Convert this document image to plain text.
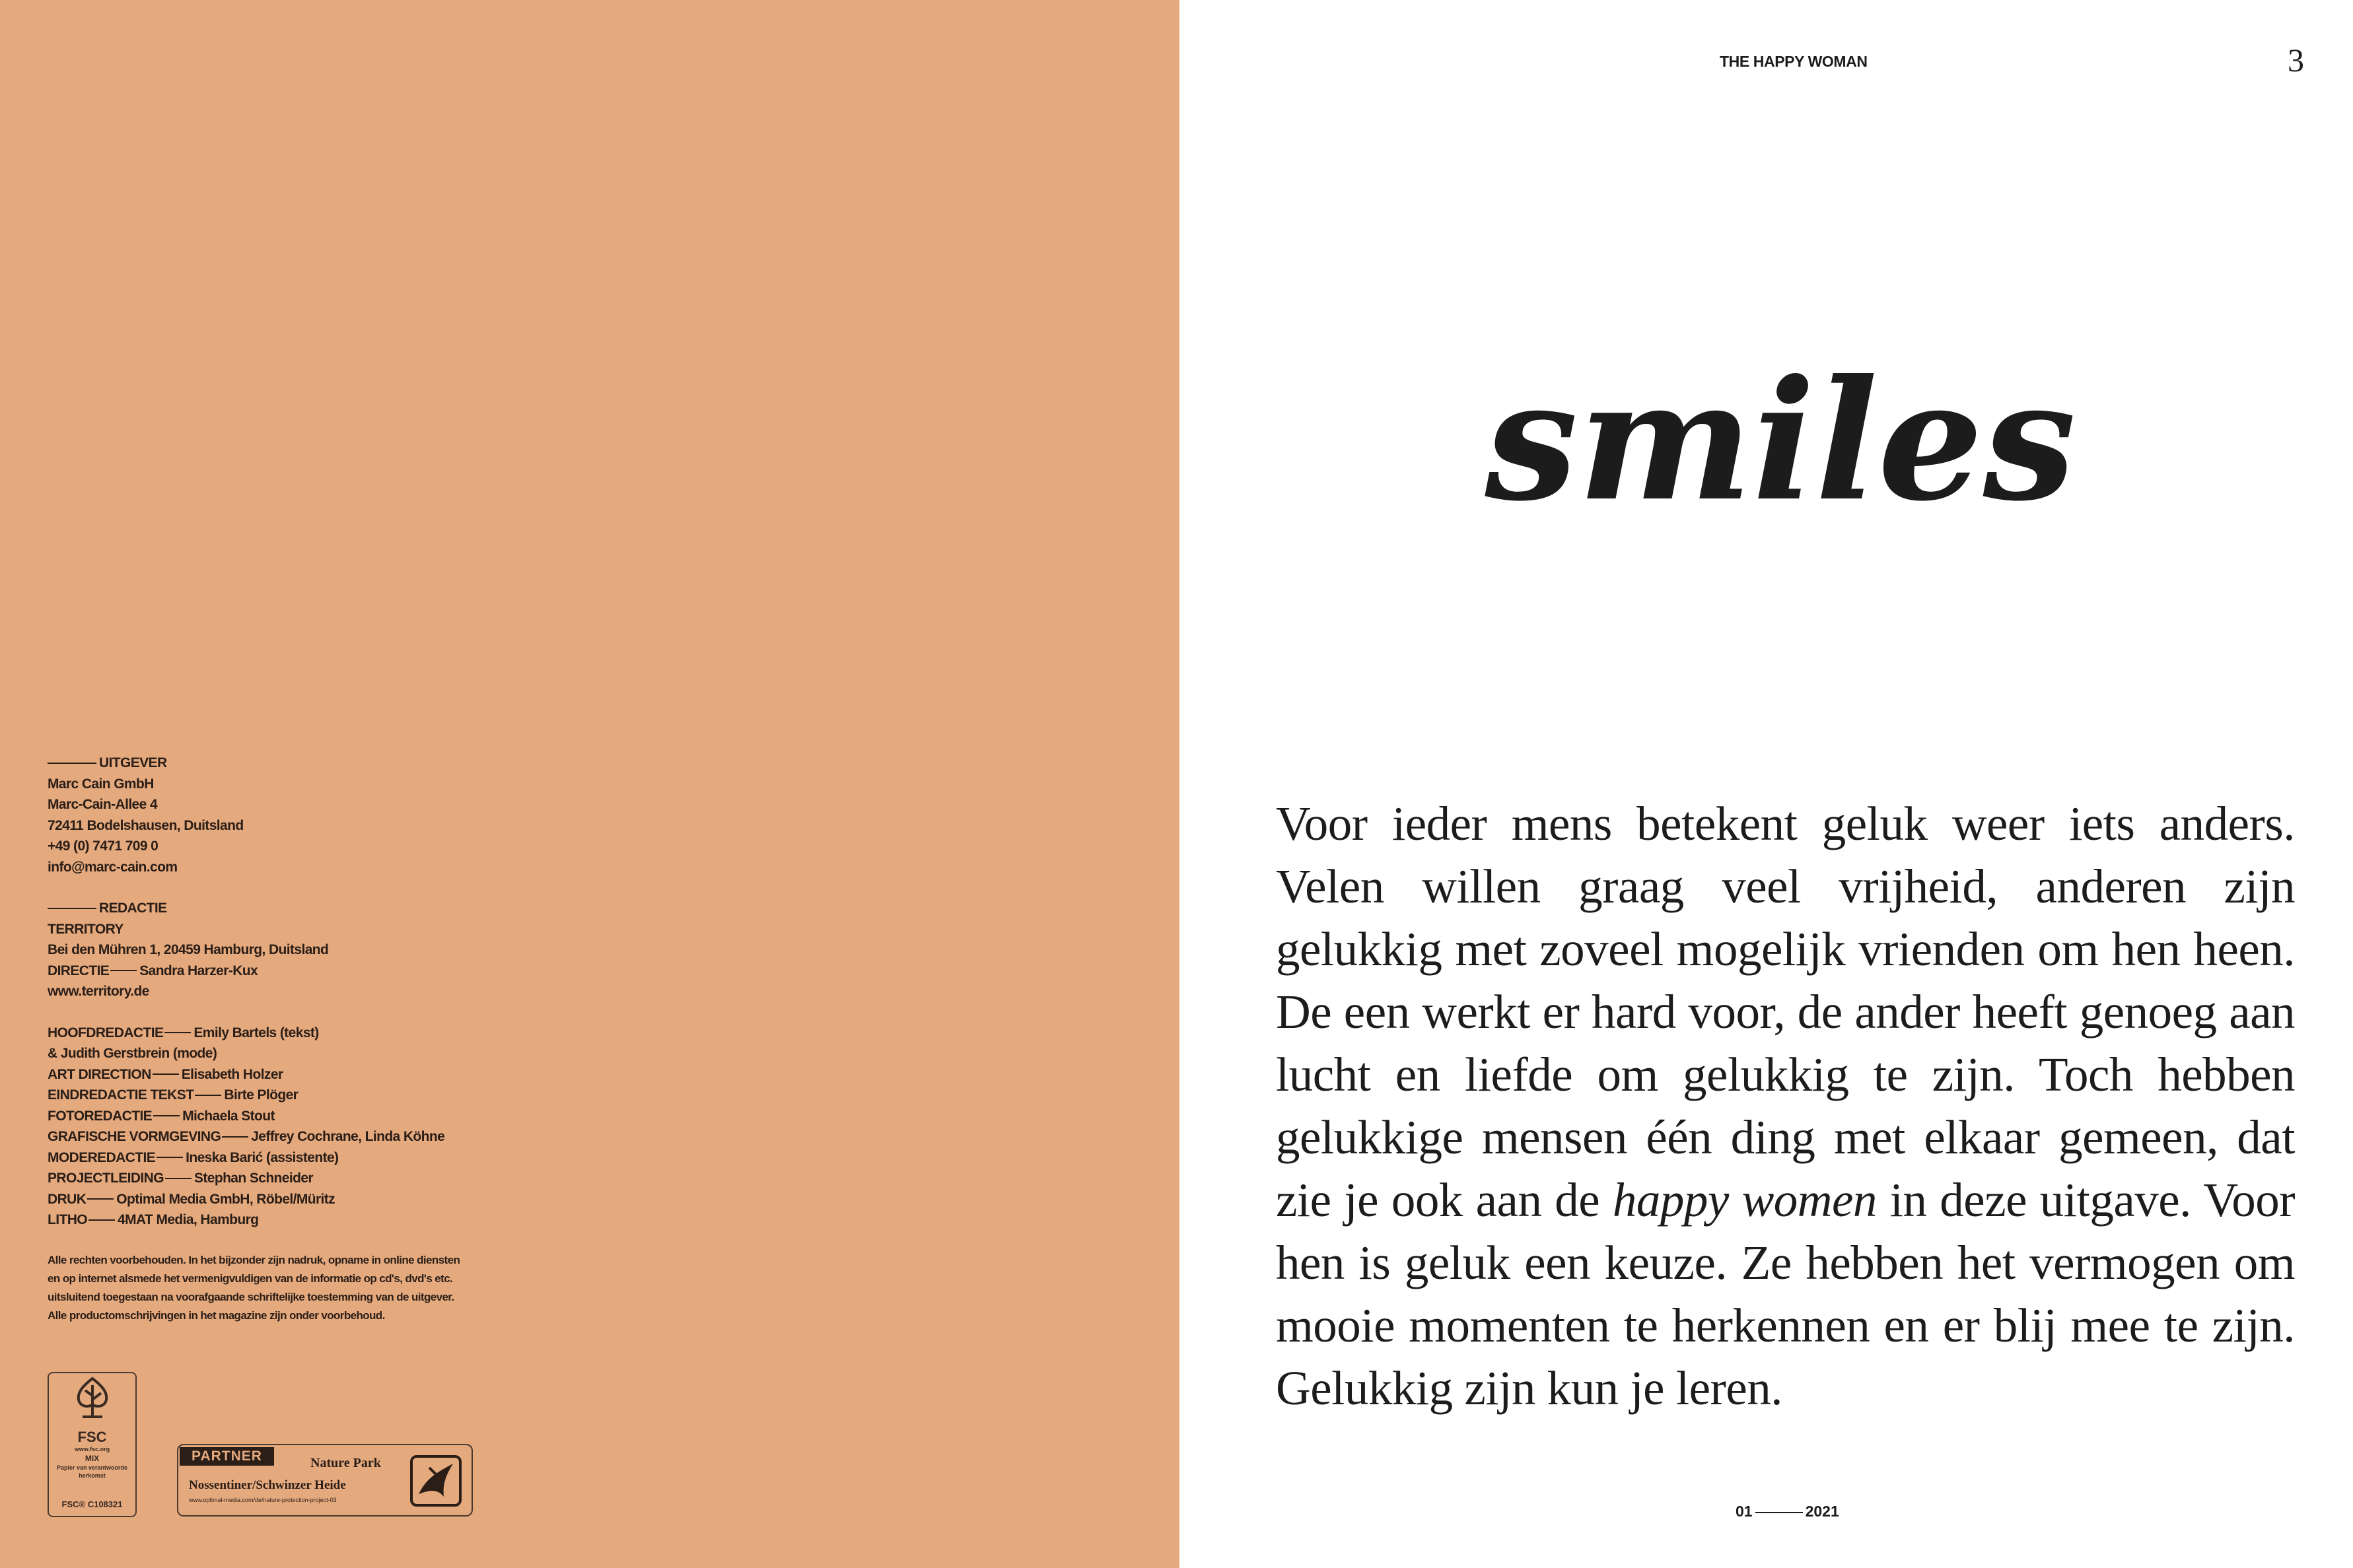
UITGEVER
Marc Cain GmbH
Marc-Cain-Allee 4
72411 Bodelshausen, Duitsland
+49 (0) 7471 709 0
info@marc-cain.com
REDACTIE
TERRITORY
Bei den Mühren 1, 20459 Hamburg, Duitsland
DIRECTIE Sandra Harzer-Kux
www.territory.de
HOOFDREDACTIE Emily Bartels (tekst)
& Judith Gerstbrein (mode)
ART DIRECTION Elisabeth Holzer
EINDREDACTIE TEKST Birte Plöger
FOTOREDACTIE Michaela Stout
GRAFISCHE VORMGEVING Jeffrey Cochrane, Linda Köhne
MODEREDACTIE Ineska Barić (assistente)
PROJECTLEIDING Stephan Schneider
DRUK Optimal Media GmbH, Röbel/Müritz
LITHO 4MAT Media, Hamburg
Alle rechten voorbehouden. In het bijzonder zijn nadruk, opname in online diensten en op internet alsmede het vermenigvuldigen van de informatie op cd's, dvd's etc. uitsluitend toegestaan na voorafgaande schriftelijke toestemming van de uitgever. Alle productomschrijvingen in het magazine zijn onder voorbehoud.
FSC
www.fsc.org
MIX
Papier van verantwoorde herkomst
FSC® C108321
PARTNER	Nature Park
Nossentiner/Schwinzer Heide
www.optimal-media.com/de/nature-protection-project-03
THE HAPPY WOMAN	3
smiles
Voor ieder mens betekent geluk weer iets anders. Velen willen graag veel vrijheid, anderen zijn gelukkig met zoveel mogelijk vrienden om hen heen. De een werkt er hard voor, de ander heeft genoeg aan lucht en liefde om gelukkig te zijn. Toch hebben gelukkige mensen één ding met elkaar gemeen, dat zie je ook aan de happy women in deze uitgave. Voor hen is geluk een keuze. Ze hebben het vermogen om mooie momenten te herkennen en er blij mee te zijn. Gelukkig zijn kun je leren.
01	2021
